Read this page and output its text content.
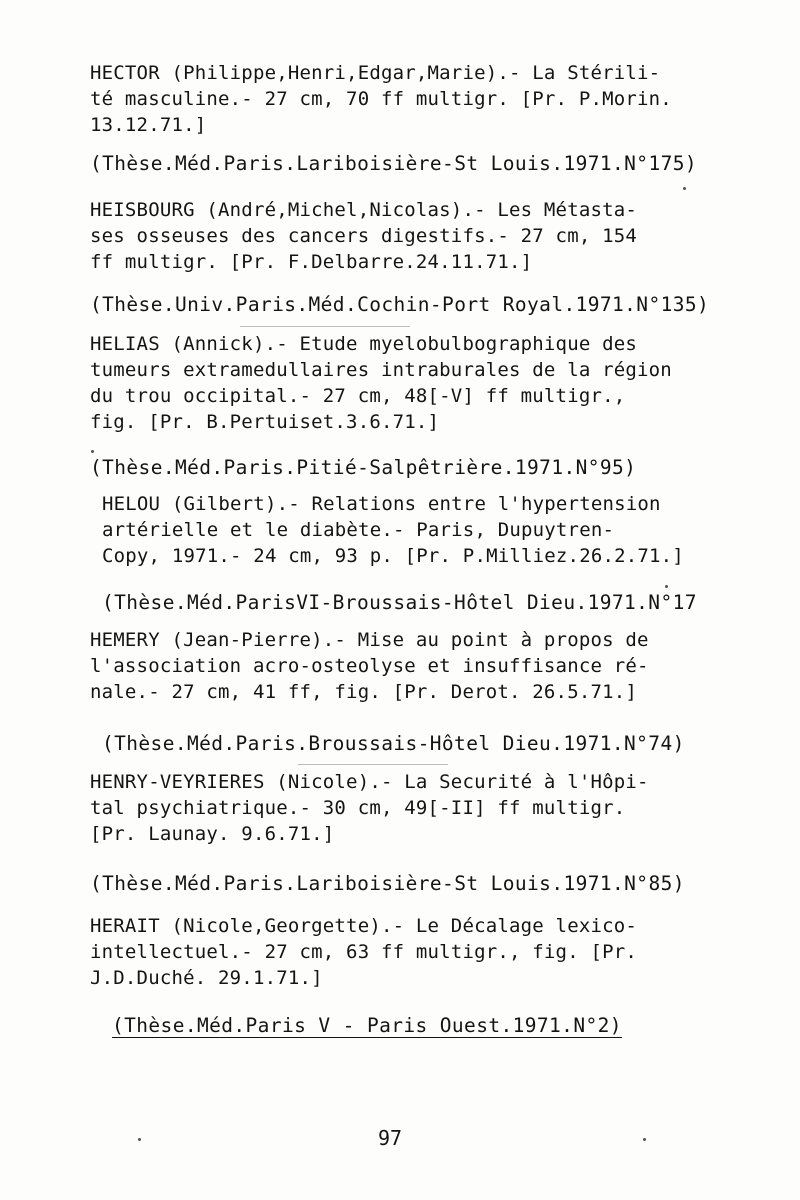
HECTOR (Philippe,Henri,Edgar,Marie).- La Stérili-
té masculine.- 27 cm, 70 ff multigr. [Pr. P.Morin.
13.12.71.]
(Thèse.Méd.Paris.Lariboisière-St Louis.1971.N°175)
HEISBOURG (André,Michel,Nicolas).- Les Métasta-
ses osseuses des cancers digestifs.- 27 cm, 154
ff multigr. [Pr. F.Delbarre.24.11.71.]
(Thèse.Univ.Paris.Méd.Cochin-Port Royal.1971.N°135)
HELIAS (Annick).- Etude myelobulbographique des
tumeurs extramedullaires intraburales de la région
du trou occipital.- 27 cm, 48[-V] ff multigr.,
fig. [Pr. B.Pertuiset.3.6.71.]
(Thèse.Méd.Paris.Pitié-Salpêtrière.1971.N°95)
HELOU (Gilbert).- Relations entre l'hypertension
artérielle et le diabète.- Paris, Dupuytren-
Copy, 1971.- 24 cm, 93 p. [Pr. P.Milliez.26.2.71.]
(Thèse.Méd.ParisVI-Broussais-Hôtel Dieu.1971.N°17
HEMERY (Jean-Pierre).- Mise au point à propos de
l'association acro-osteolyse et insuffisance ré-
nale.- 27 cm, 41 ff, fig. [Pr. Derot. 26.5.71.]
(Thèse.Méd.Paris.Broussais-Hôtel Dieu.1971.N°74)
HENRY-VEYRIERES (Nicole).- La Securité à l'Hôpi-
tal psychiatrique.- 30 cm, 49[-II] ff multigr.
[Pr. Launay. 9.6.71.]
(Thèse.Méd.Paris.Lariboisière-St Louis.1971.N°85)
HERAIT (Nicole,Georgette).- Le Décalage lexico-
intellectuel.- 27 cm, 63 ff multigr., fig. [Pr.
J.D.Duché. 29.1.71.]
(Thèse.Méd.Paris V - Paris Ouest.1971.N°2)
97
